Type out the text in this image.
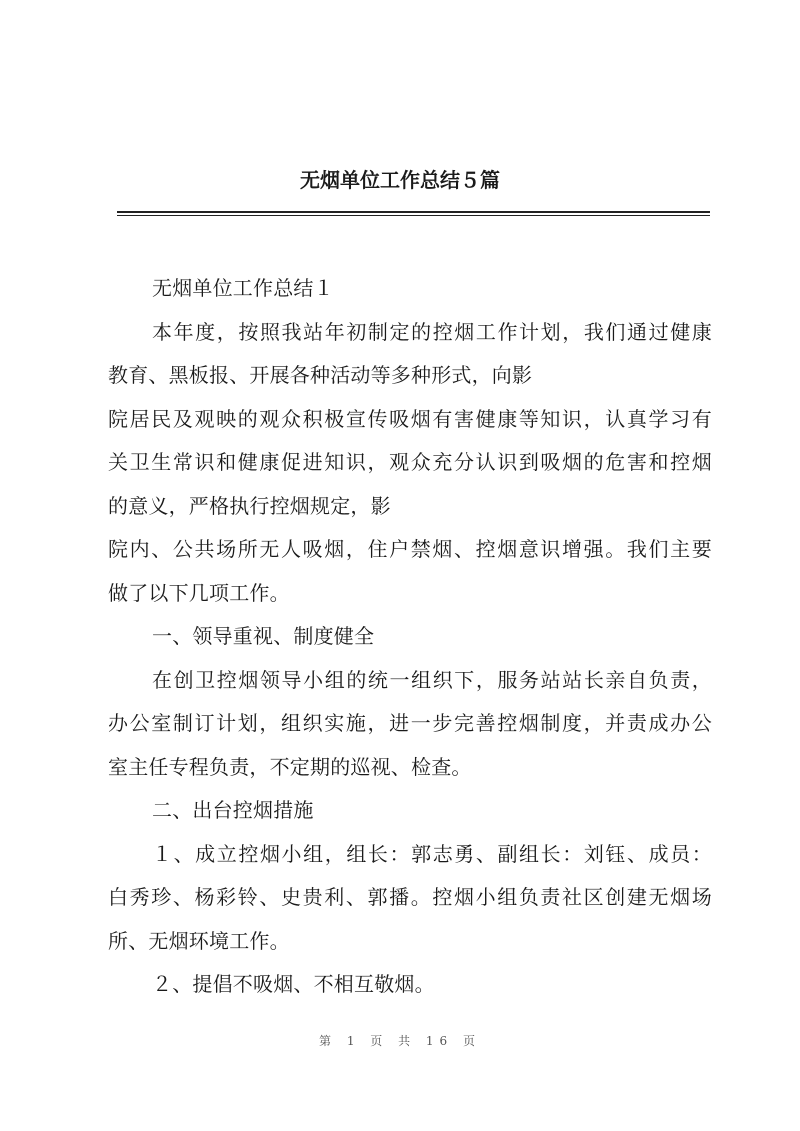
无烟单位工作总结５篇
无烟单位工作总结１
本年度，按照我站年初制定的控烟工作计划，我们通过健康
教育、黑板报、开展各种活动等多种形式，向影
院居民及观映的观众积极宣传吸烟有害健康等知识，认真学习有
关卫生常识和健康促进知识，观众充分认识到吸烟的危害和控烟
的意义，严格执行控烟规定，影
院内、公共场所无人吸烟，住户禁烟、控烟意识增强。我们主要
做了以下几项工作。
一、领导重视、制度健全
在创卫控烟领导小组的统一组织下，服务站站长亲自负责，
办公室制订计划，组织实施，进一步完善控烟制度，并责成办公
室主任专程负责，不定期的巡视、检查。
二、出台控烟措施
１、成立控烟小组，组长：郭志勇、副组长：刘钰、成员：
白秀珍、杨彩铃、史贵利、郭播。控烟小组负责社区创建无烟场
所、无烟环境工作。
２、提倡不吸烟、不相互敬烟。
第 1 页 共 16 页
